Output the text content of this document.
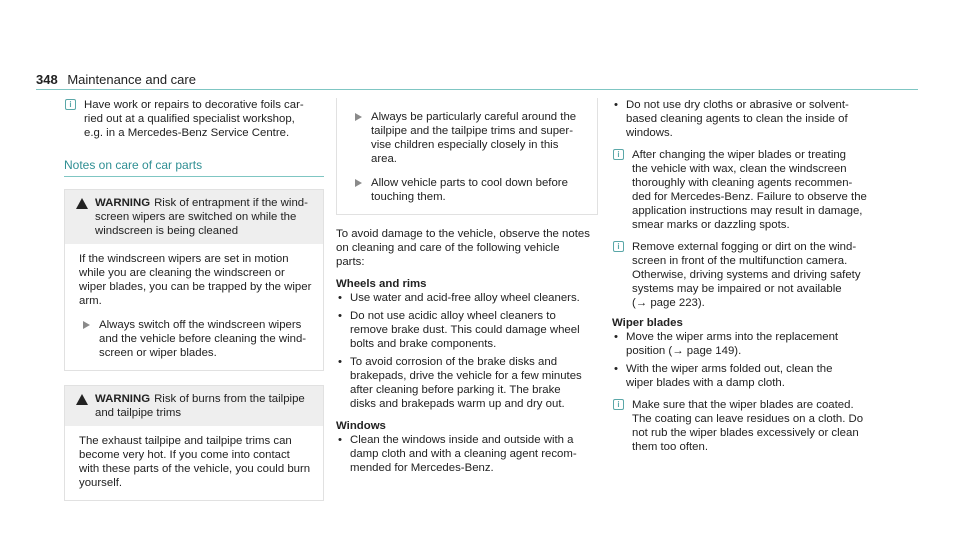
348 Maintenance and care
i	Have work or repairs to decorative foils car-
ried out at a qualified specialist workshop,
e.g. in a Mercedes-Benz Service Centre.
Notes on care of car parts
WARNING Risk of entrapment if the wind-
screen wipers are switched on while the
windscreen is being cleaned
If the windscreen wipers are set in motion
while you are cleaning the windscreen or
wiper blades, you can be trapped by the wiper
arm.
Always switch off the windscreen wipers
and the vehicle before cleaning the wind-
screen or wiper blades.
WARNING Risk of burns from the tailpipe
and tailpipe trims
The exhaust tailpipe and tailpipe trims can
become very hot. If you come into contact
with these parts of the vehicle, you could burn
yourself.
Always be particularly careful around the
tailpipe and the tailpipe trims and super-
vise children especially closely in this
area.
Allow vehicle parts to cool down before
touching them.
To avoid damage to the vehicle, observe the notes
on cleaning and care of the following vehicle
parts:
Wheels and rims
• Use water and acid-free alloy wheel cleaners.
• Do not use acidic alloy wheel cleaners to
remove brake dust. This could damage wheel
bolts and brake components.
• To avoid corrosion of the brake disks and
brakepads, drive the vehicle for a few minutes
after cleaning before parking it. The brake
disks and brakepads warm up and dry out.
Windows
• Clean the windows inside and outside with a
damp cloth and with a cleaning agent recom-
mended for Mercedes-Benz.
• Do not use dry cloths or abrasive or solvent-
based cleaning agents to clean the inside of
windows.
i	After changing the wiper blades or treating
the vehicle with wax, clean the windscreen
thoroughly with cleaning agents recommen-
ded for Mercedes-Benz. Failure to observe the
application instructions may result in damage,
smear marks or dazzling spots.
i	Remove external fogging or dirt on the wind-
screen in front of the multifunction camera.
Otherwise, driving systems and driving safety
systems may be impaired or not available
(→ page 223).
Wiper blades
• Move the wiper arms into the replacement
position (→ page 149).
• With the wiper arms folded out, clean the
wiper blades with a damp cloth.
i	Make sure that the wiper blades are coated.
The coating can leave residues on a cloth. Do
not rub the wiper blades excessively or clean
them too often.
